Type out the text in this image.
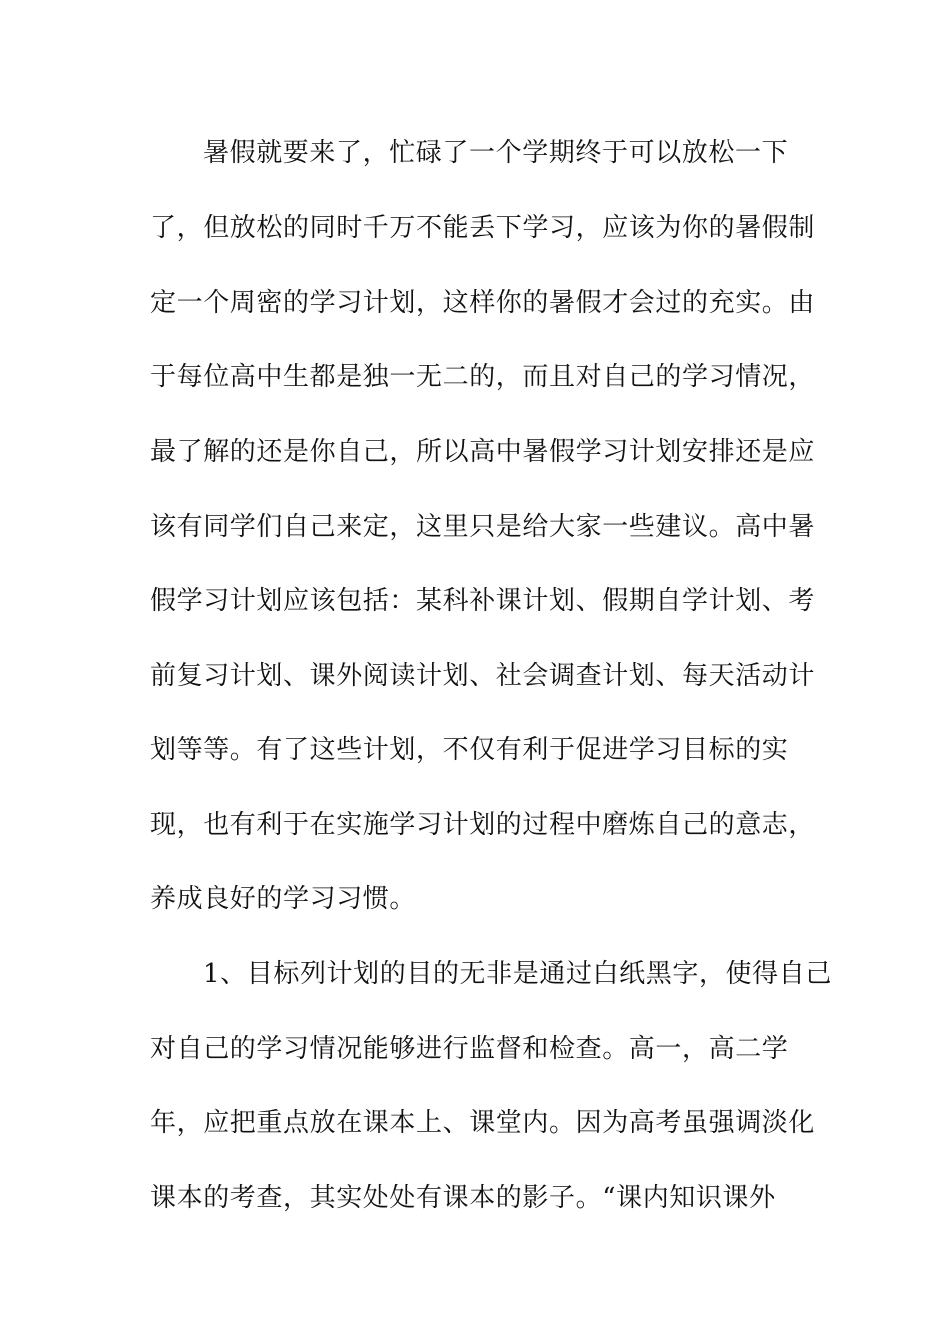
暑假就要来了，忙碌了一个学期终于可以放松一下
了，但放松的同时千万不能丢下学习，应该为你的暑假制
定一个周密的学习计划，这样你的暑假才会过的充实。由
于每位高中生都是独一无二的，而且对自己的学习情况，
最了解的还是你自己，所以高中暑假学习计划安排还是应
该有同学们自己来定，这里只是给大家一些建议。高中暑
假学习计划应该包括：某科补课计划、假期自学计划、考
前复习计划、课外阅读计划、社会调查计划、每天活动计
划等等。有了这些计划，不仅有利于促进学习目标的实
现，也有利于在实施学习计划的过程中磨炼自己的意志，
养成良好的学习习惯。
1、目标列计划的目的无非是通过白纸黑字，使得自己
对自己的学习情况能够进行监督和检查。高一，高二学
年，应把重点放在课本上、课堂内。因为高考虽强调淡化
课本的考查，其实处处有课本的影子。“课内知识课外
